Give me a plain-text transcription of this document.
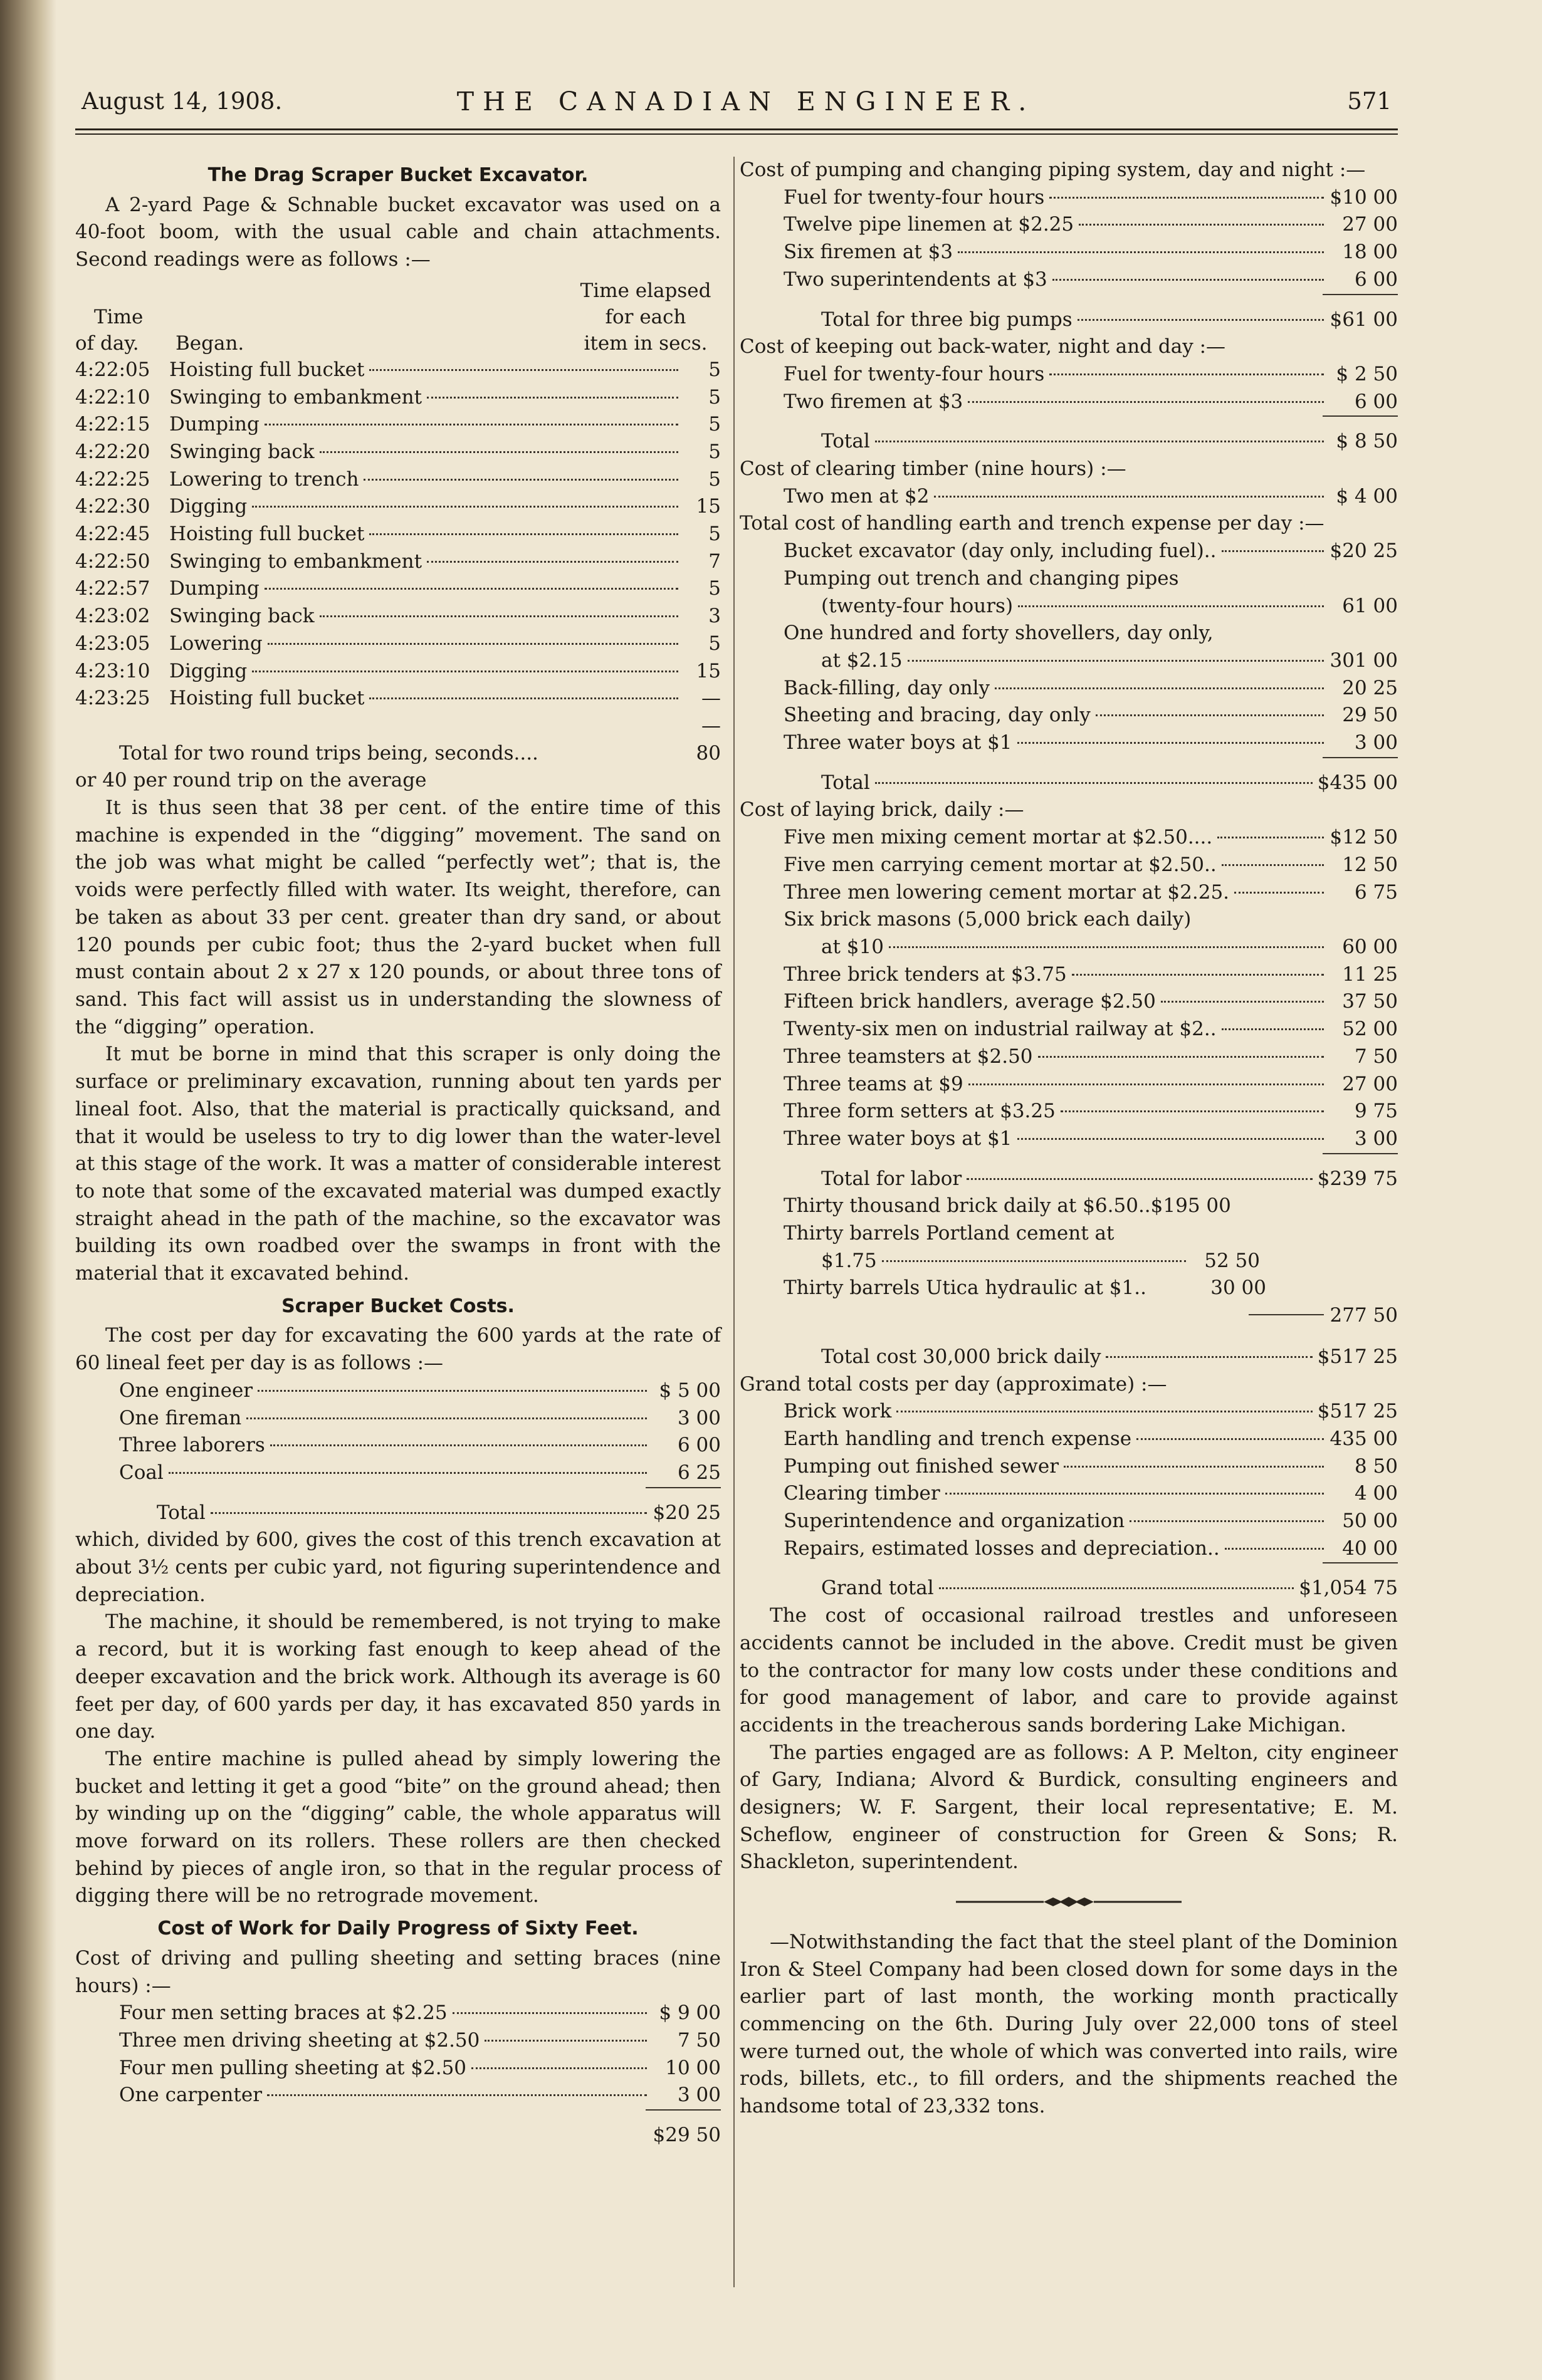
August 14, 1908.	THE CANADIAN ENGINEER.	571
The Drag Scraper Bucket Excavator.

A 2-yard Page & Schnable bucket excavator was used on a 40-foot boom, with the usual cable and chain attachments. Second readings were as follows :—

Time
of day.	Began.
Time elapsed
for each
item in secs.
4:22:05 Hoisting full bucket	5
4:22:10 Swinging to embankment	5
4:22:15 Dumping	5
4:22:20 Swinging back	5
4:22:25 Lowering to trench	5
4:22:30 Digging	15
4:22:45 Hoisting full bucket	5
4:22:50 Swinging to embankment	7
4:22:57 Dumping	5
4:23:02 Swinging back	3
4:23:05 Lowering	5
4:23:10 Digging	15
4:23:25 Hoisting full bucket	—
—
Total for two round trips being, seconds....	80

or 40 per round trip on the average

It is thus seen that 38 per cent. of the entire time of this machine is expended in the “digging” movement. The sand on the job was what might be called “perfectly wet”; that is, the voids were perfectly filled with water. Its weight, therefore, can be taken as about 33 per cent. greater than dry sand, or about 120 pounds per cubic foot; thus the 2-yard bucket when full must contain about 2 x 27 x 120 pounds, or about three tons of sand. This fact will assist us in understanding the slowness of the “digging” operation.

It mut be borne in mind that this scraper is only doing the surface or preliminary excavation, running about ten yards per lineal foot. Also, that the material is practically quicksand, and that it would be useless to try to dig lower than the water-level at this stage of the work. It was a matter of considerable interest to note that some of the excavated material was dumped exactly straight ahead in the path of the machine, so the excavator was building its own roadbed over the swamps in front with the material that it excavated behind.

Scraper Bucket Costs.

The cost per day for excavating the 600 yards at the rate of 60 lineal feet per day is as follows :—

One engineer	$ 5 00
One fireman	3 00
Three laborers	6 00
Coal	6 25
Total	$20 25

which, divided by 600, gives the cost of this trench excavation at about 3½ cents per cubic yard, not figuring superintendence and depreciation.

The machine, it should be remembered, is not trying to make a record, but it is working fast enough to keep ahead of the deeper excavation and the brick work. Although its average is 60 feet per day, of 600 yards per day, it has excavated 850 yards in one day.

The entire machine is pulled ahead by simply lowering the bucket and letting it get a good “bite” on the ground ahead; then by winding up on the “digging” cable, the whole apparatus will move forward on its rollers. These rollers are then checked behind by pieces of angle iron, so that in the regular process of digging there will be no retrograde movement.

Cost of Work for Daily Progress of Sixty Feet.

Cost of driving and pulling sheeting and setting braces (nine hours) :—

Four men setting braces at $2.25	$ 9 00
Three men driving sheeting at $2.50	7 50
Four men pulling sheeting at $2.50	10 00
One carpenter	3 00
$29 50

Cost of pumping and changing piping system, day and night :—

Fuel for twenty-four hours	$10 00
Twelve pipe linemen at $2.25	27 00
Six firemen at $3	18 00
Two superintendents at $3	6 00
Total for three big pumps	$61 00

Cost of keeping out back-water, night and day :—

Fuel for twenty-four hours	$ 2 50
Two firemen at $3	6 00
Total	$ 8 50

Cost of clearing timber (nine hours) :—

Two men at $2	$ 4 00

Total cost of handling earth and trench expense per day :—

Bucket excavator (day only, including fuel)..	$20 25
Pumping out trench and changing pipes
(twenty-four hours)	61 00
One hundred and forty shovellers, day only,
at $2.15	301 00
Back-filling, day only	20 25
Sheeting and bracing, day only	29 50
Three water boys at $1	3 00
Total	$435 00

Cost of laying brick, daily :—

Five men mixing cement mortar at $2.50....	$12 50
Five men carrying cement mortar at $2.50..	12 50
Three men lowering cement mortar at $2.25.	6 75
Six brick masons (5,000 brick each daily)
at $10	60 00
Three brick tenders at $3.75	11 25
Fifteen brick handlers, average $2.50	37 50
Twenty-six men on industrial railway at $2..	52 00
Three teamsters at $2.50	7 50
Three teams at $9	27 00
Three form setters at $3.25	9 75
Three water boys at $1	3 00
Total for labor	$239 75
Thirty thousand brick daily at $6.50..$195 00
Thirty barrels Portland cement at
$1.75	52 50
Thirty barrels Utica hydraulic at $1..	30 00
277 50
Total cost 30,000 brick daily	$517 25

Grand total costs per day (approximate) :—

Brick work	$517 25
Earth handling and trench expense	435 00
Pumping out finished sewer	8 50
Clearing timber	4 00
Superintendence and organization	50 00
Repairs, estimated losses and depreciation..	40 00
Grand total	$1,054 75

The cost of occasional railroad trestles and unforeseen accidents cannot be included in the above. Credit must be given to the contractor for many low costs under these conditions and for good management of labor, and care to provide against accidents in the treacherous sands bordering Lake Michigan.

The parties engaged are as follows: A P. Melton, city engineer of Gary, Indiana; Alvord & Burdick, consulting engineers and designers; W. F. Sargent, their local representative; E. M. Scheflow, engineer of construction for Green & Sons; R. Shackleton, superintendent.

—Notwithstanding the fact that the steel plant of the Dominion Iron & Steel Company had been closed down for some days in the earlier part of last month, the working month practically commencing on the 6th. During July over 22,000 tons of steel were turned out, the whole of which was converted into rails, wire rods, billets, etc., to fill orders, and the shipments reached the handsome total of 23,332 tons.
